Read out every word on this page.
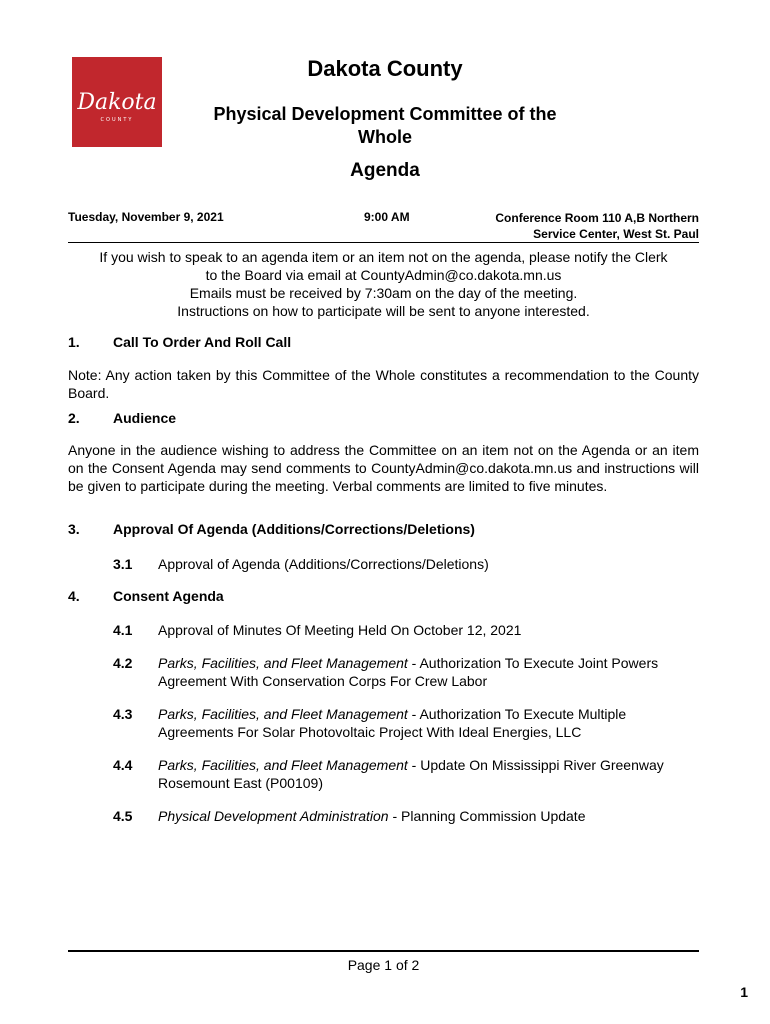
Dakota
COUNTY
Dakota County
Physical Development Committee of the
Whole
Agenda
Tuesday, November 9, 2021	9:00 AM	Conference Room 110 A,B Northern
Service Center, West St. Paul
If you wish to speak to an agenda item or an item not on the agenda, please notify the Clerk
to the Board via email at CountyAdmin@co.dakota.mn.us
Emails must be received by 7:30am on the day of the meeting.
Instructions on how to participate will be sent to anyone interested.
1. Call To Order And Roll Call
Note: Any action taken by this Committee of the Whole constitutes a recommendation to the County Board.
2. Audience
Anyone in the audience wishing to address the Committee on an item not on the Agenda or an item on the Consent Agenda may send comments to CountyAdmin@co.dakota.mn.us and instructions will be given to participate during the meeting. Verbal comments are limited to five minutes.
3. Approval Of Agenda (Additions/Corrections/Deletions)
3.1 Approval of Agenda (Additions/Corrections/Deletions)
4. Consent Agenda
4.1 Approval of Minutes Of Meeting Held On October 12, 2021
4.2 Parks, Facilities, and Fleet Management - Authorization To Execute Joint Powers Agreement With Conservation Corps For Crew Labor
4.3 Parks, Facilities, and Fleet Management - Authorization To Execute Multiple Agreements For Solar Photovoltaic Project With Ideal Energies, LLC
4.4 Parks, Facilities, and Fleet Management - Update On Mississippi River Greenway Rosemount East (P00109)
4.5 Physical Development Administration - Planning Commission Update
Page 1 of 2
1
